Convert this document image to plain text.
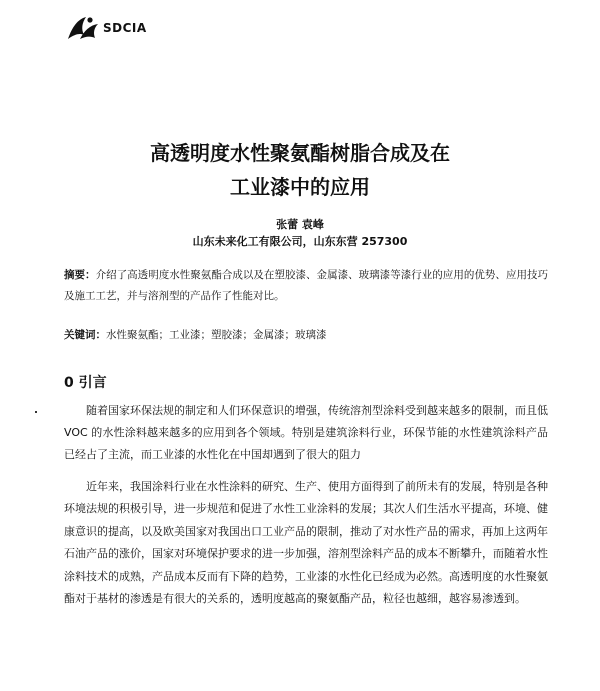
SDCIA
高透明度水性聚氨酯树脂合成及在
工业漆中的应用
张蕾 袁峰
山东未来化工有限公司，山东东营 257300
摘要：介绍了高透明度水性聚氨酯合成以及在塑胶漆、金属漆、玻璃漆等漆行业的应用的优势、应用技巧及施工工艺，并与溶剂型的产品作了性能对比。
关键词：水性聚氨酯；工业漆；塑胶漆；金属漆；玻璃漆
0 引言
随着国家环保法规的制定和人们环保意识的增强，传统溶剂型涂料受到越来越多的限制，而且低 VOC 的水性涂料越来越多的应用到各个领域。特别是建筑涂料行业，环保节能的水性建筑涂料产品已经占了主流，而工业漆的水性化在中国却遇到了很大的阻力
近年来，我国涂料行业在水性涂料的研究、生产、使用方面得到了前所未有的发展，特别是各种环境法规的积极引导，进一步规范和促进了水性工业涂料的发展；其次人们生活水平提高，环境、健康意识的提高，以及欧美国家对我国出口工业产品的限制，推动了对水性产品的需求，再加上这两年石油产品的涨价，国家对环境保护要求的进一步加强，溶剂型涂料产品的成本不断攀升，而随着水性涂料技术的成熟，产品成本反而有下降的趋势，工业漆的水性化已经成为必然。高透明度的水性聚氨酯对于基材的渗透是有很大的关系的，透明度越高的聚氨酯产品，粒径也越细，越容易渗透到。
